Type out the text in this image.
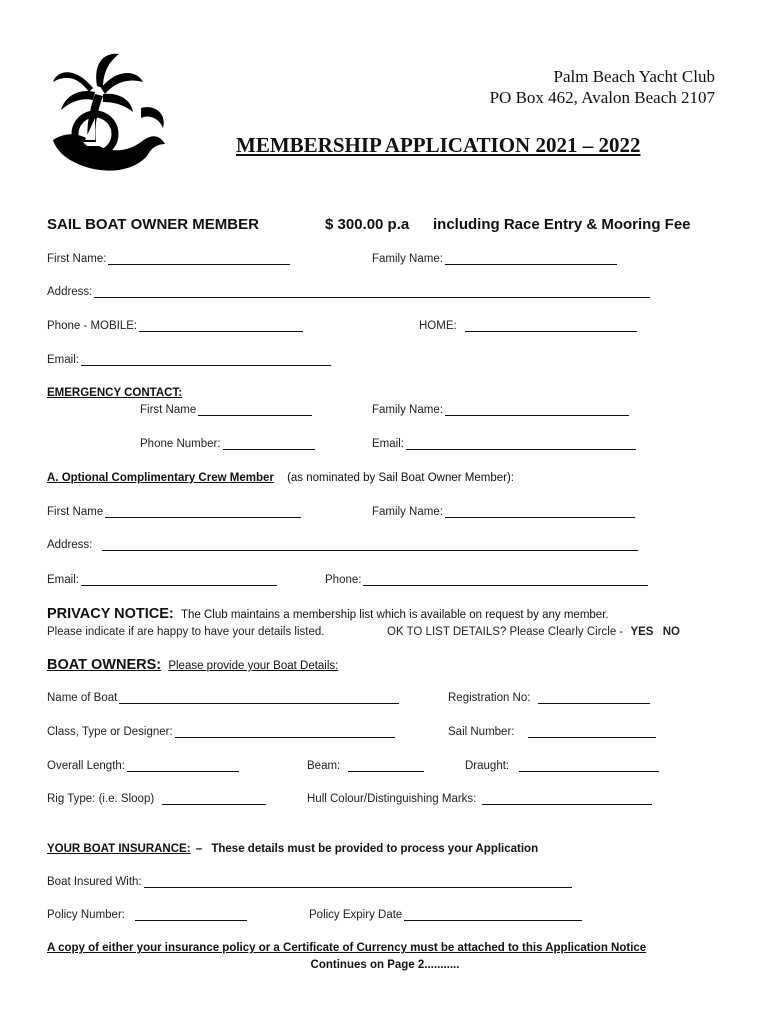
Palm Beach Yacht Club
PO Box 462, Avalon Beach 2107
MEMBERSHIP APPLICATION 2021 – 2022
SAIL BOAT OWNER MEMBER	$ 300.00 p.a including Race Entry & Mooring Fee
First Name:	Family Name:
Address:
Phone - MOBILE:	HOME:
Email:
EMERGENCY CONTACT:
First Name	Family Name:
Phone Number:	Email:
A. Optional Complimentary Crew Member (as nominated by Sail Boat Owner Member):
First Name	Family Name:
Address:
Email:	Phone:
PRIVACY NOTICE: The Club maintains a membership list which is available on request by any member.
Please indicate if are happy to have your details listed.	OK TO LIST DETAILS? Please Clearly Circle - YES NO
BOAT OWNERS: Please provide your Boat Details:
Name of Boat	Registration No:
Class, Type or Designer:	Sail Number:
Overall Length:	Beam:	Draught:
Rig Type: (i.e. Sloop)	Hull Colour/Distinguishing Marks:
YOUR BOAT INSURANCE: – These details must be provided to process your Application
Boat Insured With:
Policy Number:	Policy Expiry Date
A copy of either your insurance policy or a Certificate of Currency must be attached to this Application Notice
Continues on Page 2...........
